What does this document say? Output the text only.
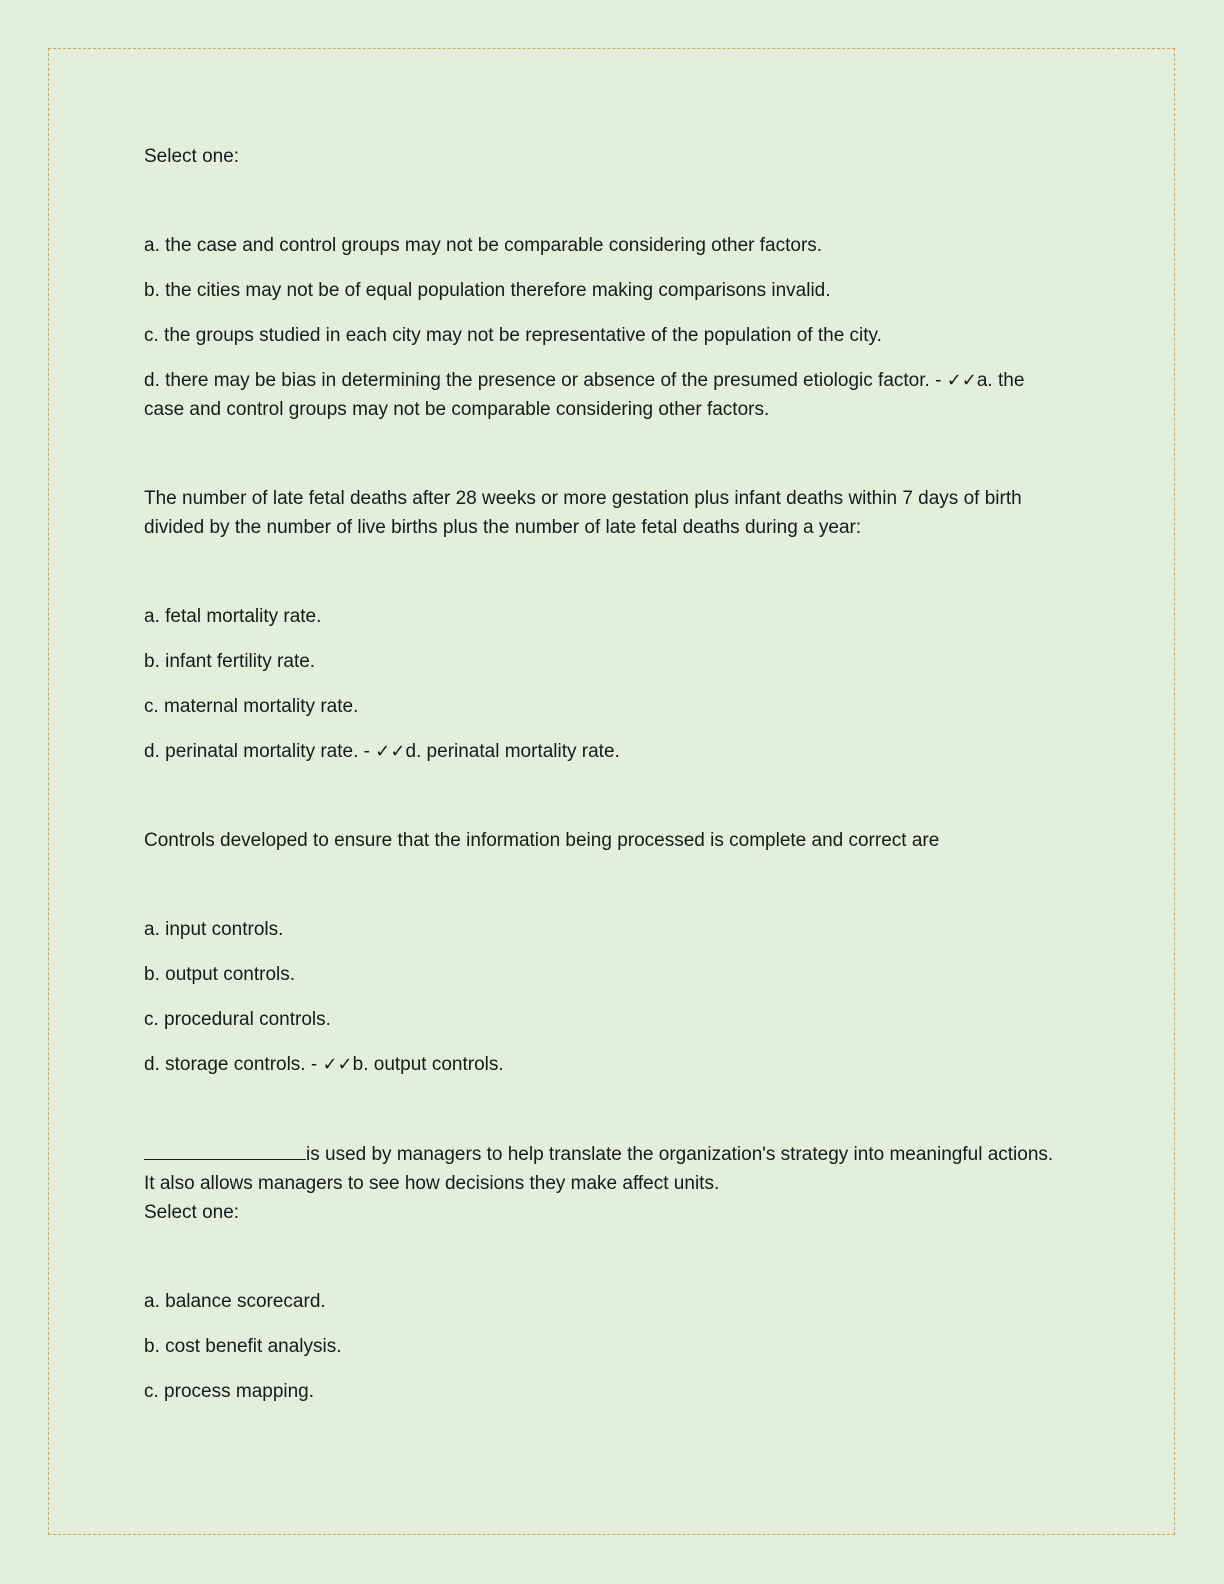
Select one:

a. the case and control groups may not be comparable considering other factors.

b. the cities may not be of equal population therefore making comparisons invalid.

c. the groups studied in each city may not be representative of the population of the city.

d. there may be bias in determining the presence or absence of the presumed etiologic factor. - ✓✓a. the case and control groups may not be comparable considering other factors.

The number of late fetal deaths after 28 weeks or more gestation plus infant deaths within 7 days of birth divided by the number of live births plus the number of late fetal deaths during a year:

a. fetal mortality rate.

b. infant fertility rate.

c. maternal mortality rate.

d. perinatal mortality rate. - ✓✓d. perinatal mortality rate.

Controls developed to ensure that the information being processed is complete and correct are

a. input controls.

b. output controls.

c. procedural controls.

d. storage controls. - ✓✓b. output controls.

is used by managers to help translate the organization's strategy into meaningful actions. It also allows managers to see how decisions they make affect units.

Select one:

a. balance scorecard.

b. cost benefit analysis.

c. process mapping.
